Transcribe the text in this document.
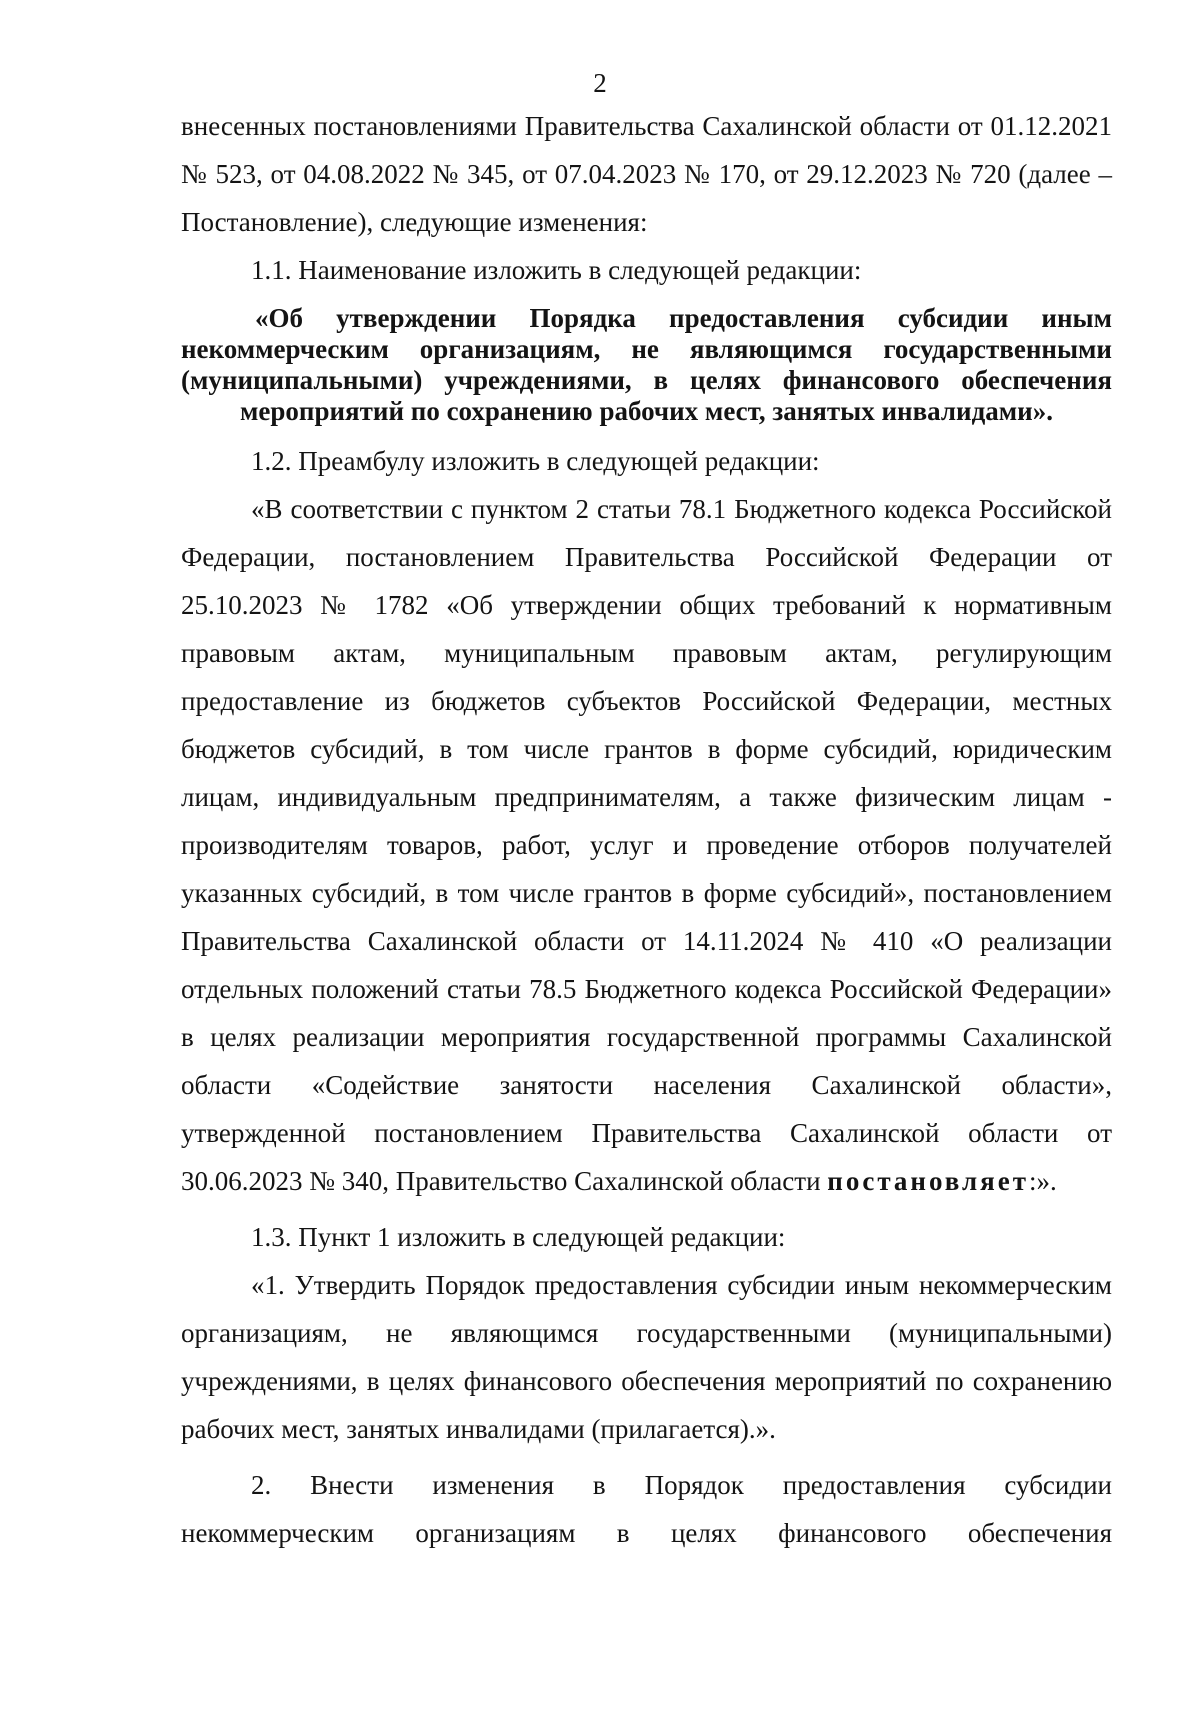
2

внесенных постановлениями Правительства Сахалинской области от 01.12.2021 № 523, от 04.08.2022 № 345, от 07.04.2023 № 170, от 29.12.2023 № 720 (далее – Постановление), следующие изменения:

1.1. Наименование изложить в следующей редакции:

«Об утверждении Порядка предоставления субсидии иным некоммерческим организациям, не являющимся государственными (муниципальными) учреждениями, в целях финансового обеспечения мероприятий по сохранению рабочих мест, занятых инвалидами».

1.2. Преамбулу изложить в следующей редакции:

«В соответствии с пунктом 2 статьи 78.1 Бюджетного кодекса Российской Федерации, постановлением Правительства Российской Федерации от 25.10.2023 № 1782 «Об утверждении общих требований к нормативным правовым актам, муниципальным правовым актам, регулирующим предоставление из бюджетов субъектов Российской Федерации, местных бюджетов субсидий, в том числе грантов в форме субсидий, юридическим лицам, индивидуальным предпринимателям, а также физическим лицам - производителям товаров, работ, услуг и проведение отборов получателей указанных субсидий, в том числе грантов в форме субсидий», постановлением Правительства Сахалинской области от 14.11.2024 № 410 «О реализации отдельных положений статьи 78.5 Бюджетного кодекса Российской Федерации» в целях реализации мероприятия государственной программы Сахалинской области «Содействие занятости населения Сахалинской области», утвержденной постановлением Правительства Сахалинской области от 30.06.2023 № 340, Правительство Сахалинской области постановляет:».

1.3. Пункт 1 изложить в следующей редакции:

«1. Утвердить Порядок предоставления субсидии иным некоммерческим организациям, не являющимся государственными (муниципальными) учреждениями, в целях финансового обеспечения мероприятий по сохранению рабочих мест, занятых инвалидами (прилагается).».

2. Внести изменения в Порядок предоставления субсидии некоммерческим организациям в целях финансового обеспечения
